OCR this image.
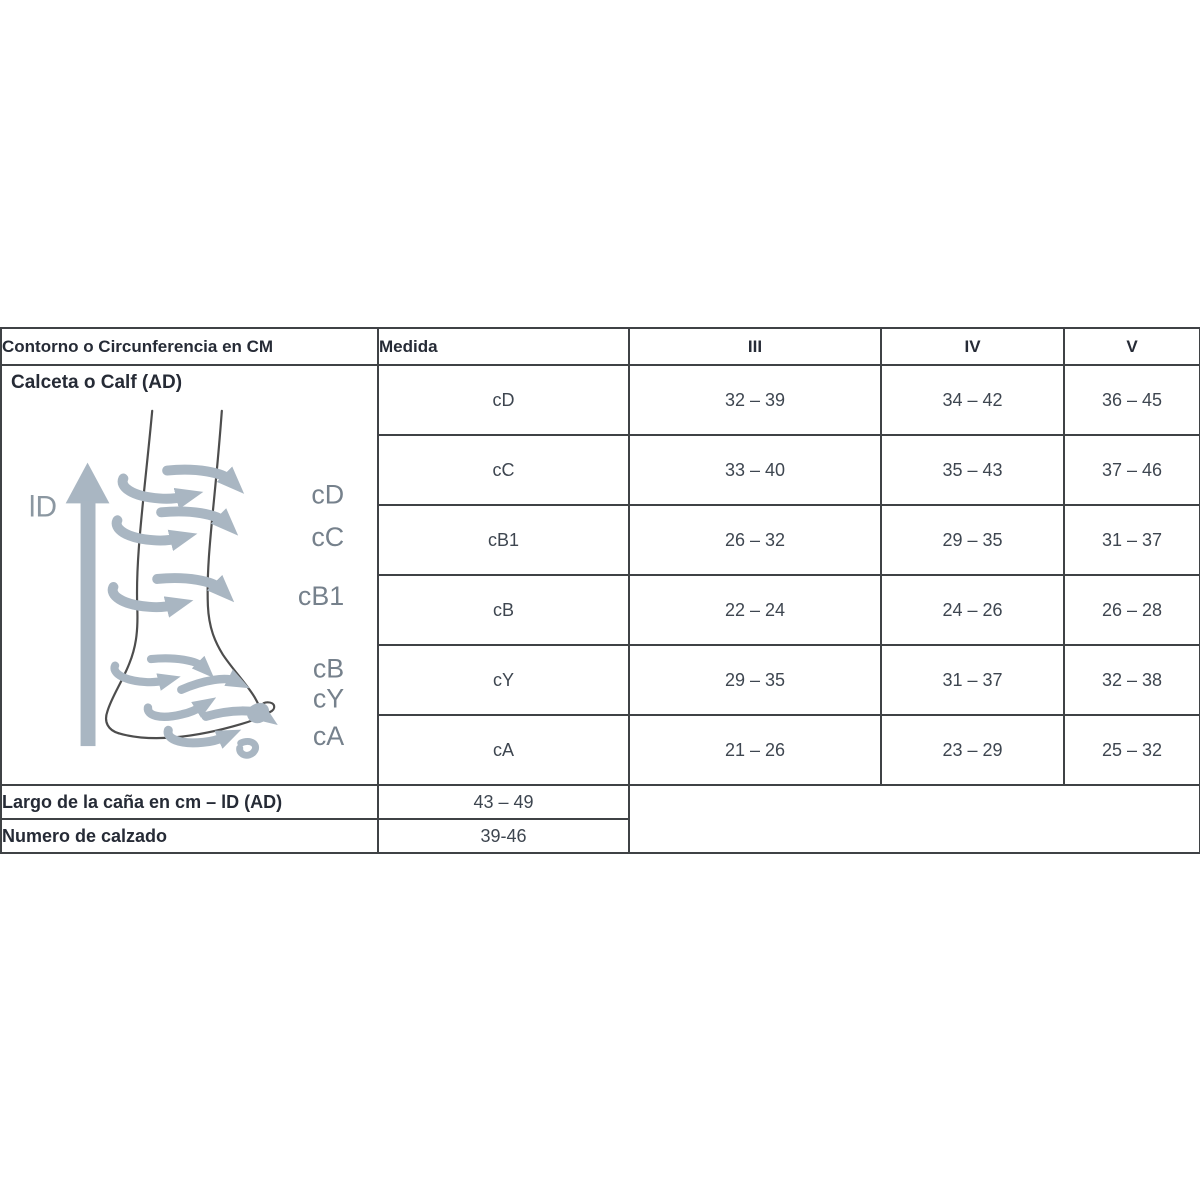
Contorno o Circunferencia en CM	Medida	III	IV	V

Calceta o Calf (AD)
lD	cD
cC
cB1
cB
cY
cA
	cD	32 – 39	34 – 42	36 – 45
	cC	33 – 40	35 – 43	37 – 46
	cB1	26 – 32	29 – 35	31 – 37
	cB	22 – 24	24 – 26	26 – 28
	cY	29 – 35	31 – 37	32 – 38
	cA	21 – 26	23 – 29	25 – 32
Largo de la caña en cm – lD (AD)	43 – 49			
Numero de calzado	39-46			
